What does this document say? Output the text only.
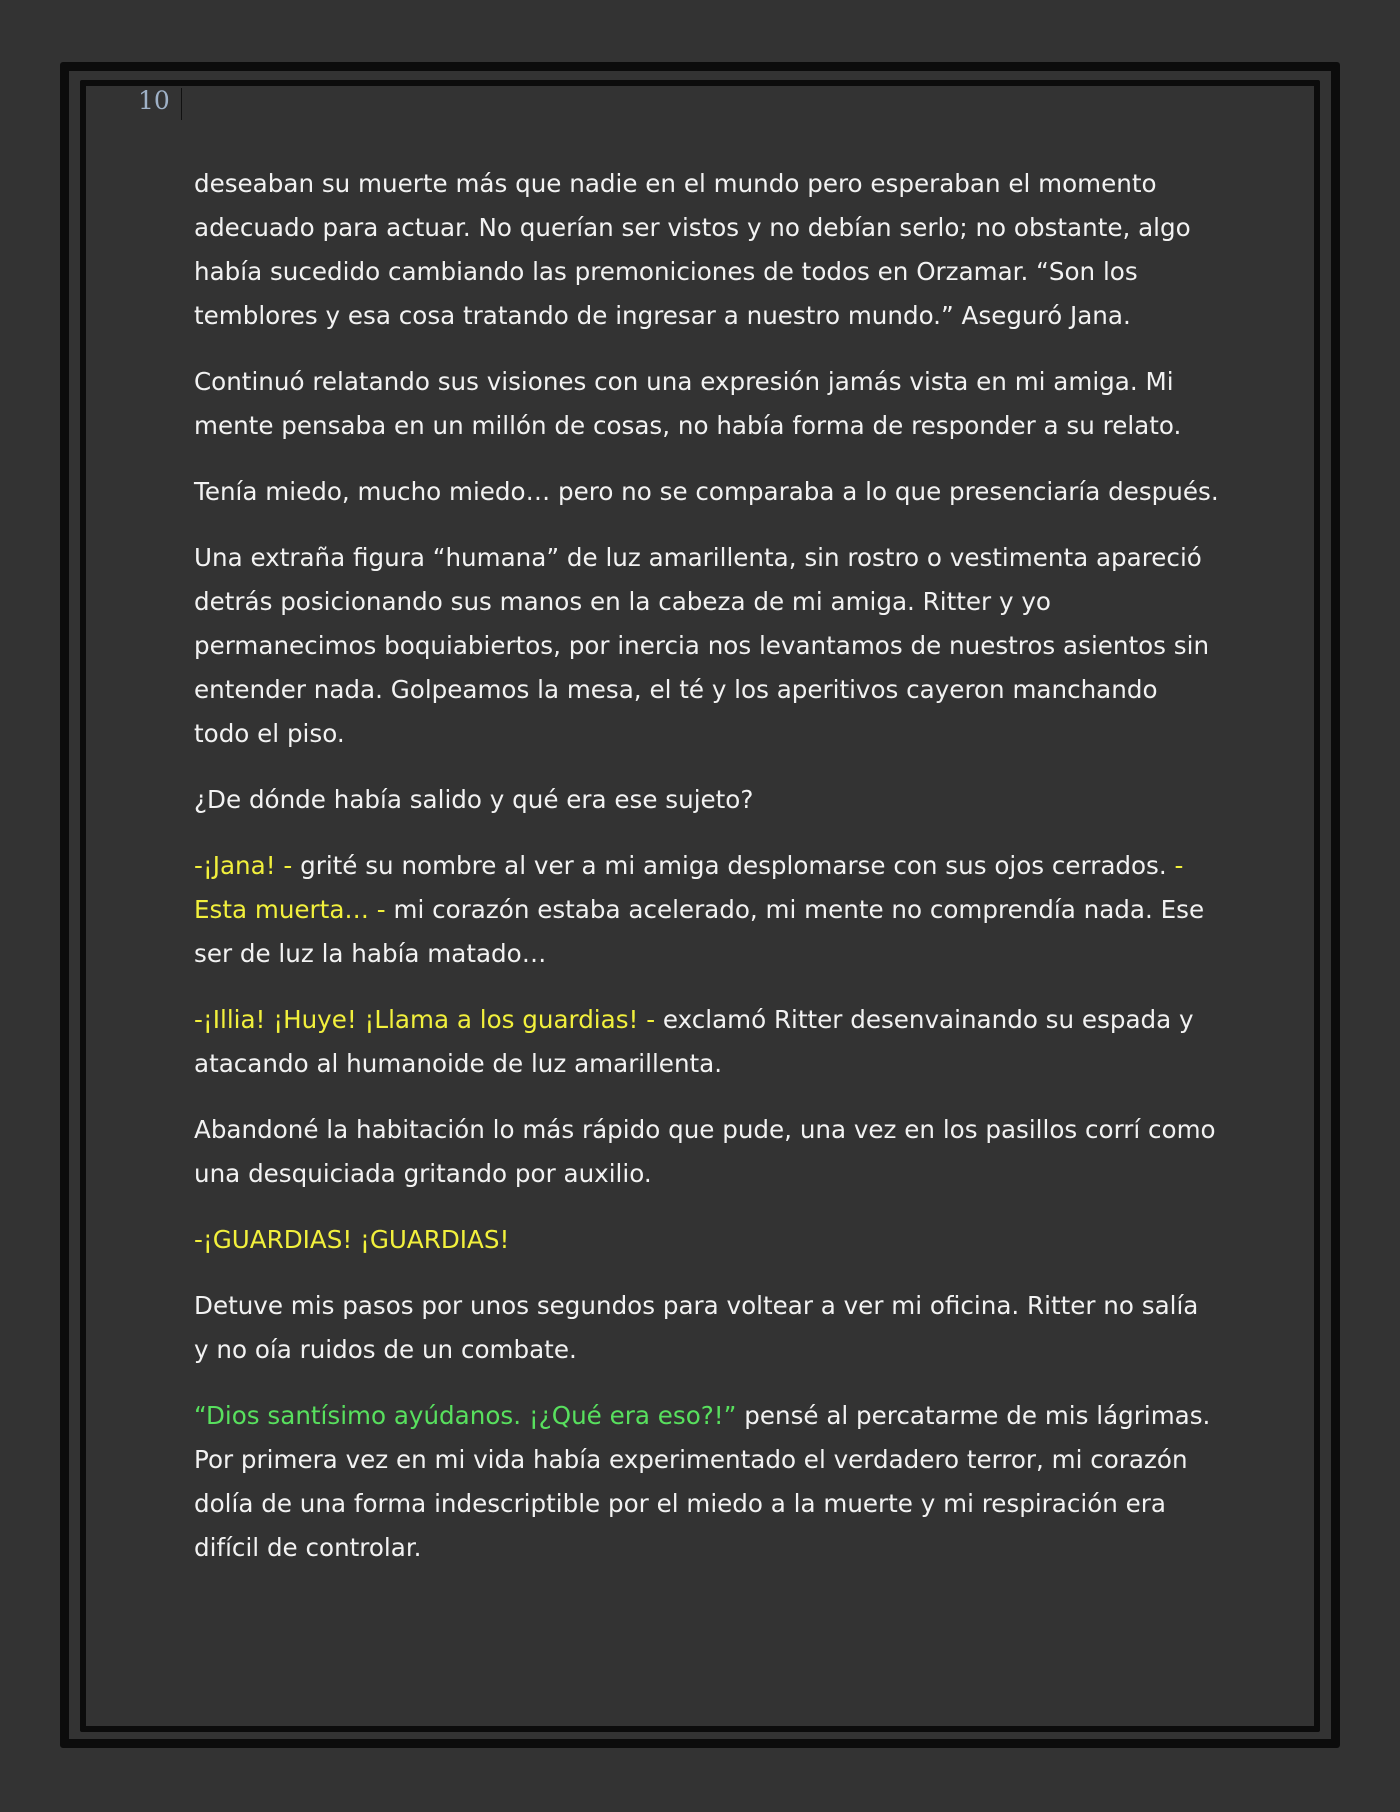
10

deseaban su muerte más que nadie en el mundo pero esperaban el momento adecuado para actuar. No querían ser vistos y no debían serlo; no obstante, algo había sucedido cambiando las premoniciones de todos en Orzamar. “Son los temblores y esa cosa tratando de ingresar a nuestro mundo.” Aseguró Jana.

Continuó relatando sus visiones con una expresión jamás vista en mi amiga. Mi mente pensaba en un millón de cosas, no había forma de responder a su relato.

Tenía miedo, mucho miedo… pero no se comparaba a lo que presenciaría después.

Una extraña figura “humana” de luz amarillenta, sin rostro o vestimenta apareció detrás posicionando sus manos en la cabeza de mi amiga. Ritter y yo permanecimos boquiabiertos, por inercia nos levantamos de nuestros asientos sin entender nada. Golpeamos la mesa, el té y los aperitivos cayeron manchando todo el piso.

¿De dónde había salido y qué era ese sujeto?

-¡Jana! - grité su nombre al ver a mi amiga desplomarse con sus ojos cerrados. - Esta muerta… - mi corazón estaba acelerado, mi mente no comprendía nada. Ese ser de luz la había matado…

-¡Illia! ¡Huye! ¡Llama a los guardias! - exclamó Ritter desenvainando su espada y atacando al humanoide de luz amarillenta.

Abandoné la habitación lo más rápido que pude, una vez en los pasillos corrí como una desquiciada gritando por auxilio.

-¡GUARDIAS! ¡GUARDIAS!

Detuve mis pasos por unos segundos para voltear a ver mi oficina. Ritter no salía y no oía ruidos de un combate.

“Dios santísimo ayúdanos. ¡¿Qué era eso?!” pensé al percatarme de mis lágrimas. Por primera vez en mi vida había experimentado el verdadero terror, mi corazón dolía de una forma indescriptible por el miedo a la muerte y mi respiración era difícil de controlar.
